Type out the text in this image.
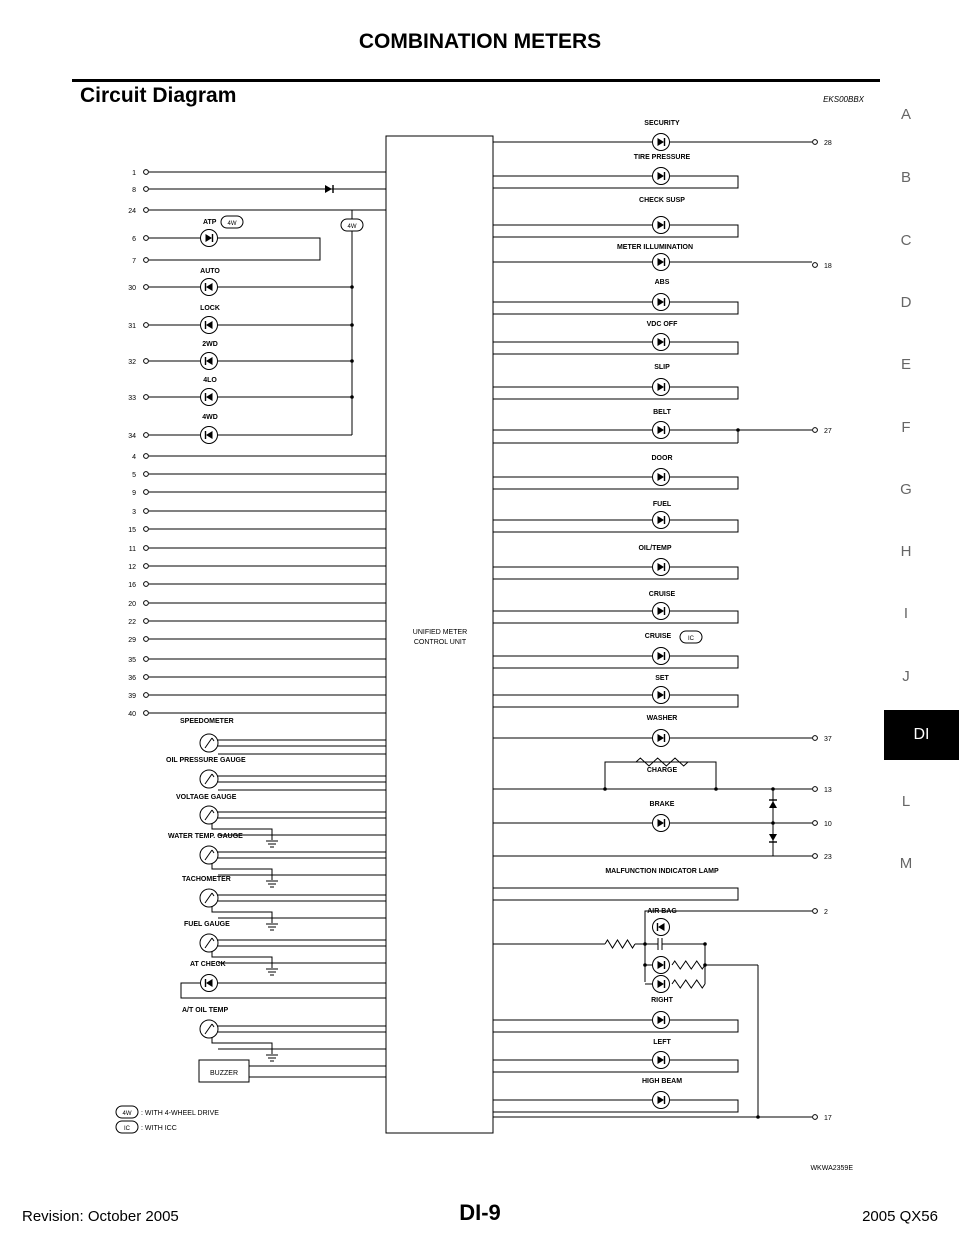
COMBINATION METERS
Circuit Diagram	EKS00BBX
A
B
C
D
E
F
G
H
I
J
DI
L
M
1
8
24
6
7
30
31
32
33
34
4
5
9
3
15
11
12
16
20
22
29
35
36
39
40
4W
ATP 4W
AUTO
LOCK
2WD
4LO
4WD
SPEEDOMETER
OIL PRESSURE GAUGE
VOLTAGE GAUGE
WATER TEMP. GAUGE
TACHOMETER
FUEL GAUGE
AT CHECK
A/T OIL TEMP
SECURITY
TIRE PRESSURE
CHECK SUSP
METER ILLUMINATION
ABS
VDC OFF
SLIP
BELT
DOOR
FUEL
OIL/TEMP
CRUISE
CRUISE
SET
WASHER
CHARGE
BRAKE
MALFUNCTION INDICATOR LAMP
AIR BAG
RIGHT
LEFT
HIGH BEAM
IC
28
18
27
37
13
10
23
2
17
4W : WITH 4-WHEEL DRIVE
IC : WITH ICC
UNIFIED METER
CONTROL UNIT
BUZZER
WKWA2359E
Revision: October 2005	DI-9	2005 QX56
